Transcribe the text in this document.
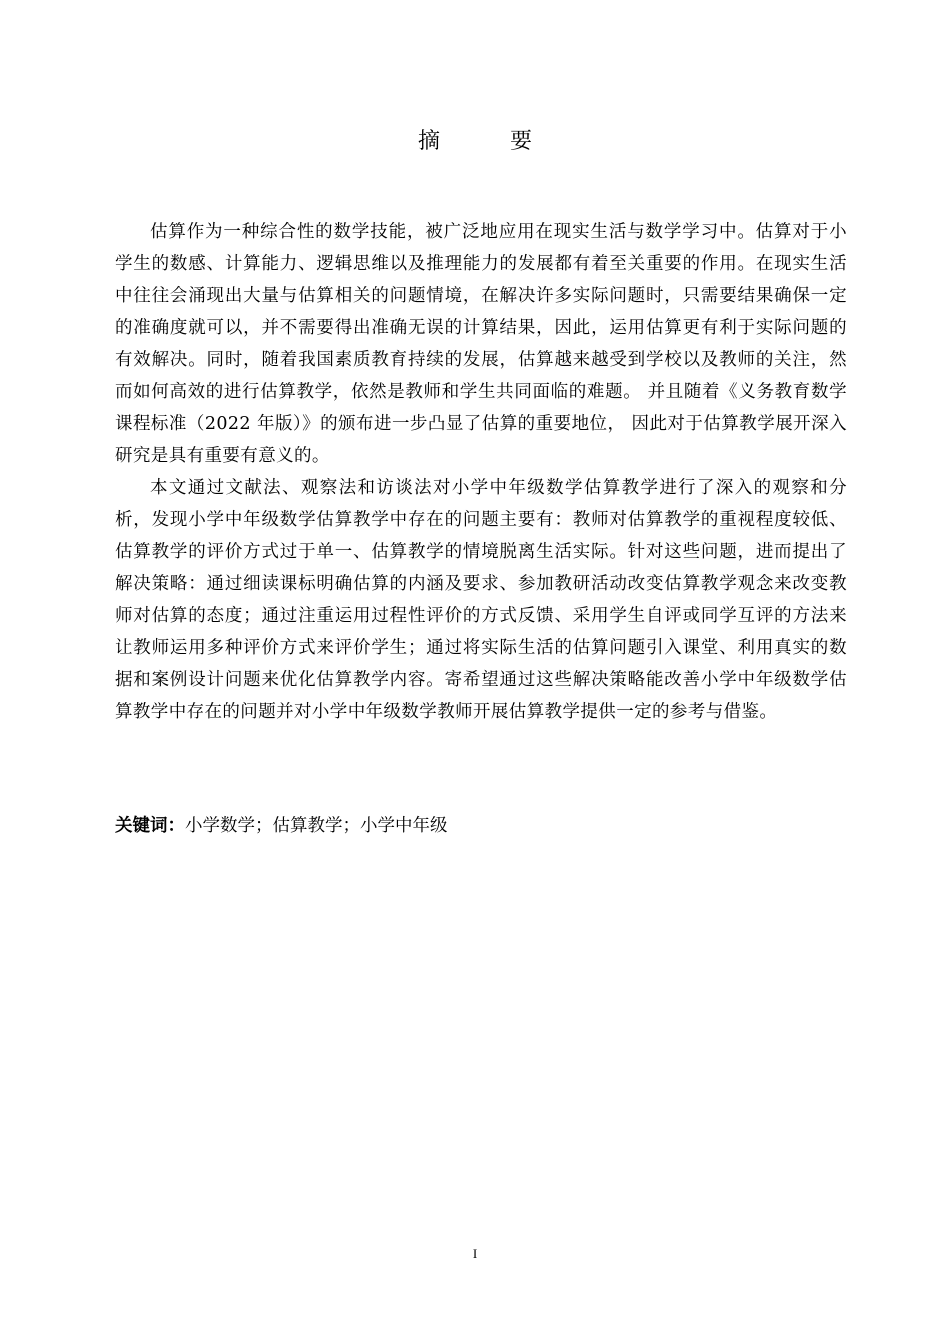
摘　要

估算作为一种综合性的数学技能，被广泛地应用在现实生活与数学学习中。估算对于小学生的数感、计算能力、逻辑思维以及推理能力的发展都有着至关重要的作用。在现实生活中往往会涌现出大量与估算相关的问题情境，在解决许多实际问题时，只需要结果确保一定的准确度就可以，并不需要得出准确无误的计算结果，因此，运用估算更有利于实际问题的有效解决。同时，随着我国素质教育持续的发展，估算越来越受到学校以及教师的关注，然而如何高效的进行估算教学，依然是教师和学生共同面临的难题。 并且随着《义务教育数学课程标准（2022 年版）》的颁布进一步凸显了估算的重要地位， 因此对于估算教学展开深入研究是具有重要有意义的。

本文通过文献法、观察法和访谈法对小学中年级数学估算教学进行了深入的观察和分析，发现小学中年级数学估算教学中存在的问题主要有：教师对估算教学的重视程度较低、估算教学的评价方式过于单一、估算教学的情境脱离生活实际。针对这些问题，进而提出了解决策略：通过细读课标明确估算的内涵及要求、参加教研活动改变估算教学观念来改变教师对估算的态度；通过注重运用过程性评价的方式反馈、采用学生自评或同学互评的方法来让教师运用多种评价方式来评价学生；通过将实际生活的估算问题引入课堂、利用真实的数据和案例设计问题来优化估算教学内容。寄希望通过这些解决策略能改善小学中年级数学估算教学中存在的问题并对小学中年级数学教师开展估算教学提供一定的参考与借鉴。

关键词：小学数学；估算教学；小学中年级

I
